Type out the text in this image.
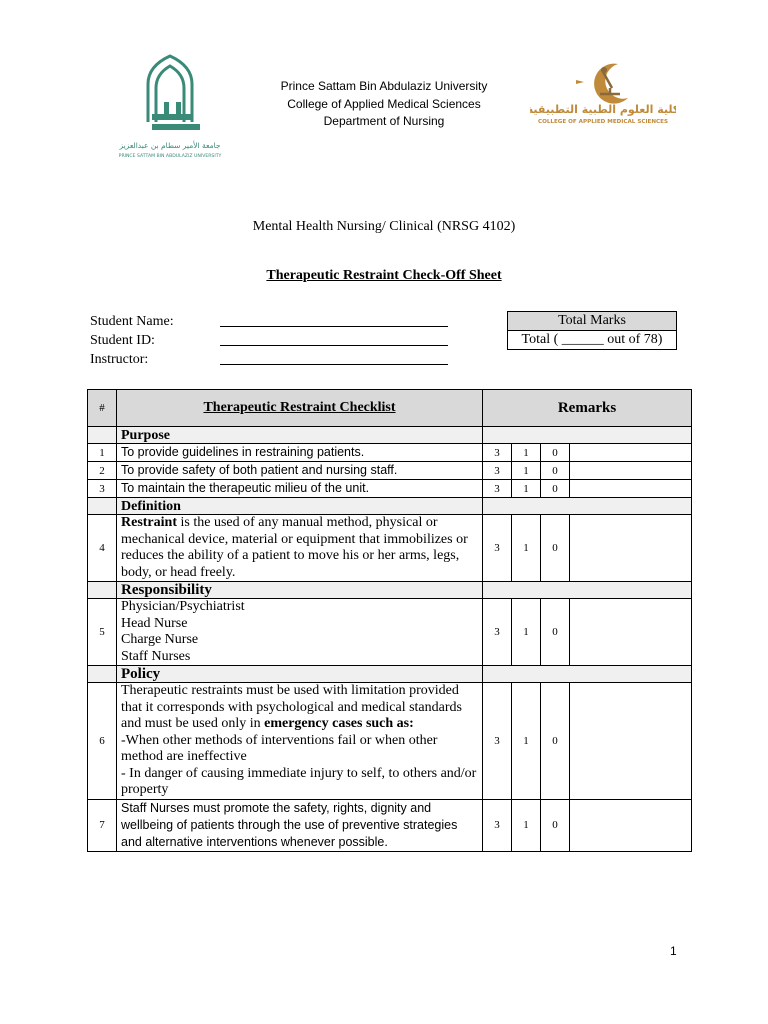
جامعة الأمير سطام بن عبدالعزيز
PRINCE SATTAM BIN ABDULAZIZ UNIVERSITY
Prince Sattam Bin Abdulaziz University
College of Applied Medical Sciences
Department of Nursing
كلية العلوم الطبية التطبيقية
COLLEGE OF APPLIED MEDICAL SCIENCES
Mental Health Nursing/ Clinical (NRSG 4102)
Therapeutic Restraint Check-Off Sheet
Student Name:
Student ID:
Instructor:
Total Marks
Total ( ______ out of 78)
#	Therapeutic Restraint Checklist	Remarks			
	Purpose				
1	To provide guidelines in restraining patients.	3	1	0	
2	To provide safety of both patient and nursing staff.	3	1	0	
3	To maintain the therapeutic milieu of the unit.	3	1	0	
	Definition				
4	Restraint is the used of any manual method, physical or mechanical device, material or equipment that immobilizes or reduces the ability of a patient to move his or her arms, legs, body, or head freely.	3	1	0	
	Responsibility				
5	Physician/Psychiatrist
Head Nurse
Charge Nurse
Staff Nurses	3	1	0	
	Policy				
6	Therapeutic restraints must be used with limitation provided that it corresponds with psychological and medical standards and must be used only in emergency cases such as:
-When other methods of interventions fail or when other method are ineffective
- In danger of causing immediate injury to self, to others and/or property	3	1	0	
7	Staff Nurses must promote the safety, rights, dignity and wellbeing of patients through the use of preventive strategies and alternative interventions whenever possible.	3	1	0	
1
